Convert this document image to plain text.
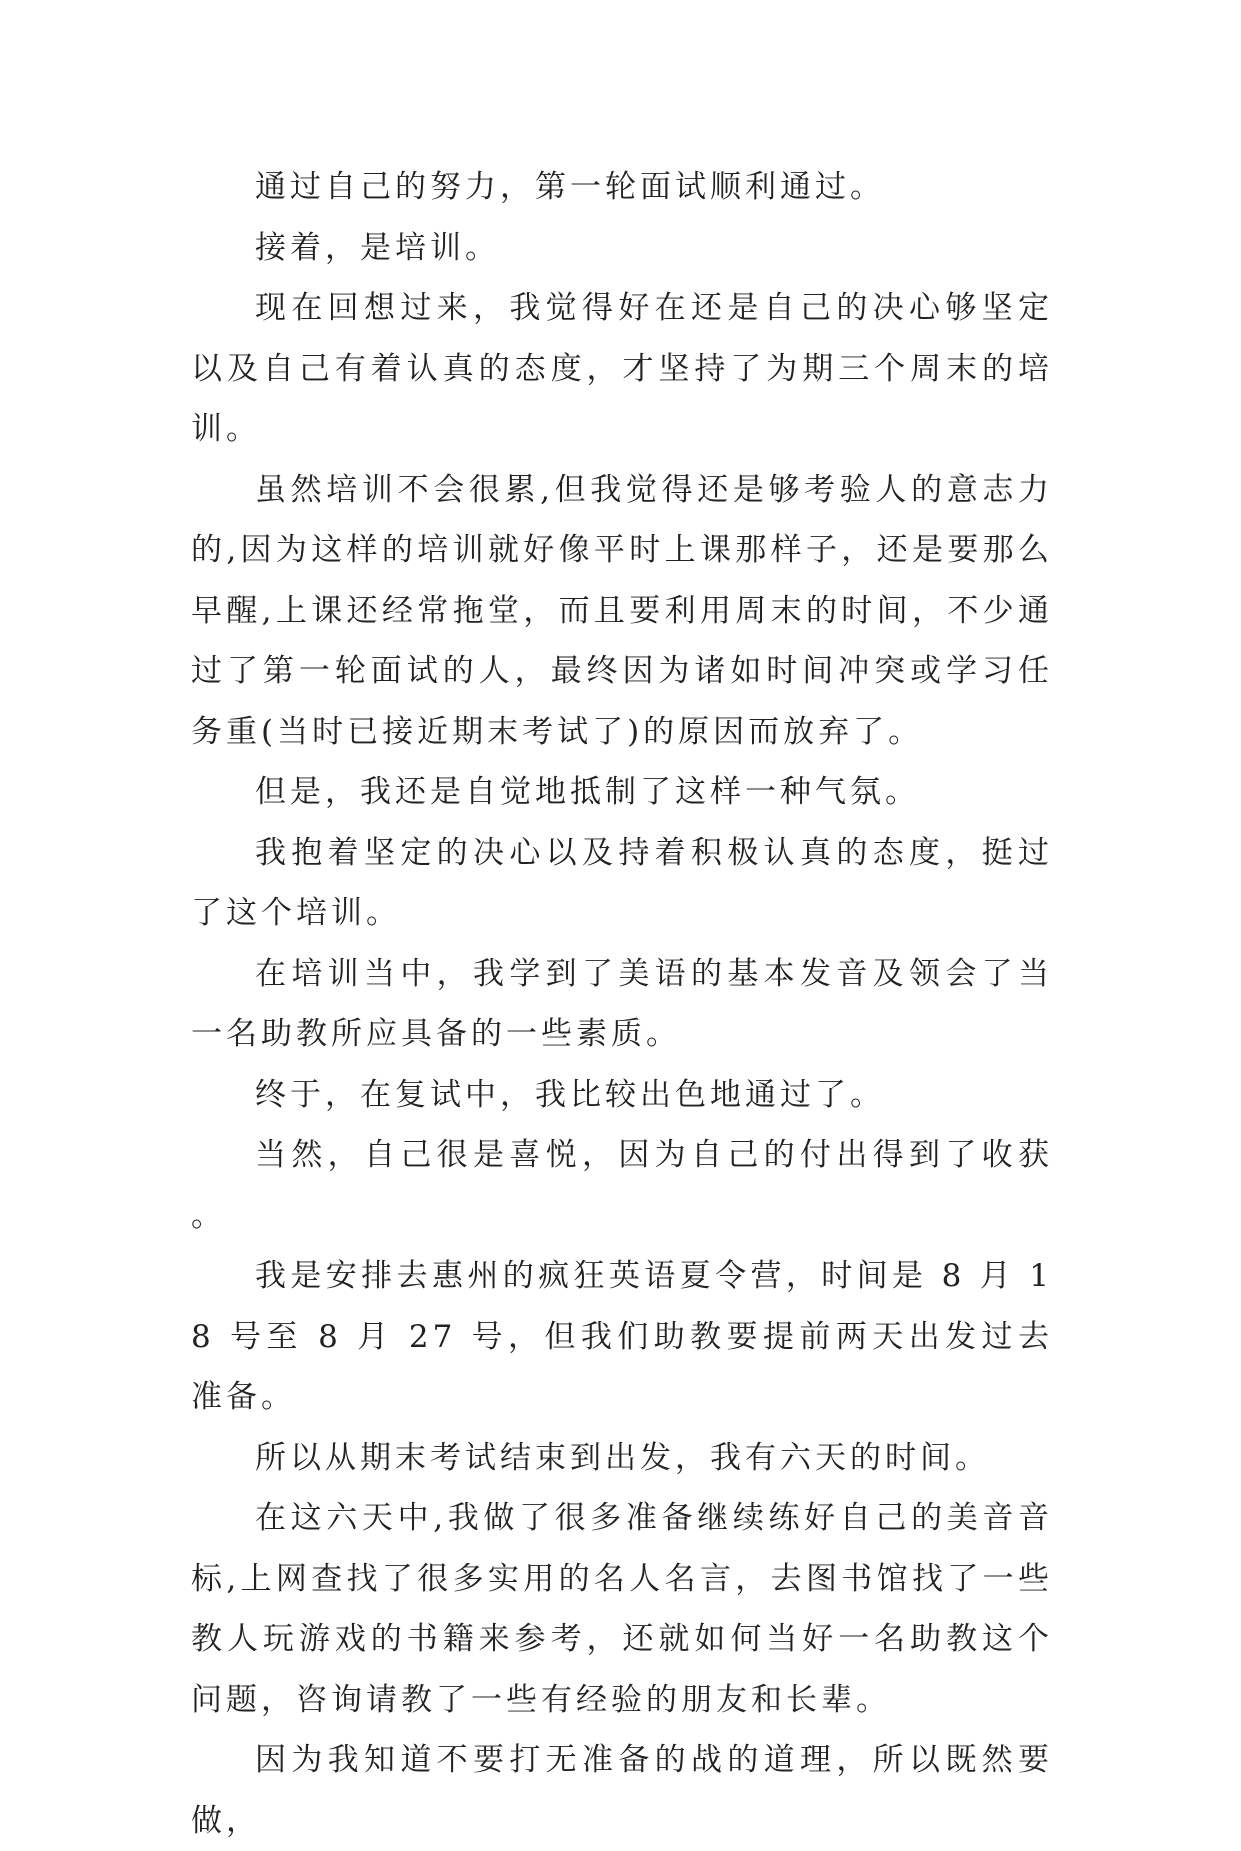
通过自己的努力，第一轮面试顺利通过。

接着，是培训。

现在回想过来，我觉得好在还是自己的决心够坚定以及自己有着认真的态度，才坚持了为期三个周末的培训。

虽然培训不会很累,但我觉得还是够考验人的意志力的,因为这样的培训就好像平时上课那样子，还是要那么早醒,上课还经常拖堂，而且要利用周末的时间，不少通过了第一轮面试的人，最终因为诸如时间冲突或学习任务重(当时已接近期末考试了)的原因而放弃了。

但是，我还是自觉地抵制了这样一种气氛。

我抱着坚定的决心以及持着积极认真的态度，挺过了这个培训。

在培训当中，我学到了美语的基本发音及领会了当一名助教所应具备的一些素质。

终于，在复试中，我比较出色地通过了。

当然，自己很是喜悦，因为自己的付出得到了收获。

我是安排去惠州的疯狂英语夏令营，时间是 8 月 18 号至 8 月 27 号，但我们助教要提前两天出发过去准备。

所以从期末考试结束到出发，我有六天的时间。

在这六天中,我做了很多准备继续练好自己的美音音标,上网查找了很多实用的名人名言，去图书馆找了一些教人玩游戏的书籍来参考，还就如何当好一名助教这个问题，咨询请教了一些有经验的朋友和长辈。

因为我知道不要打无准备的战的道理，所以既然要做，
